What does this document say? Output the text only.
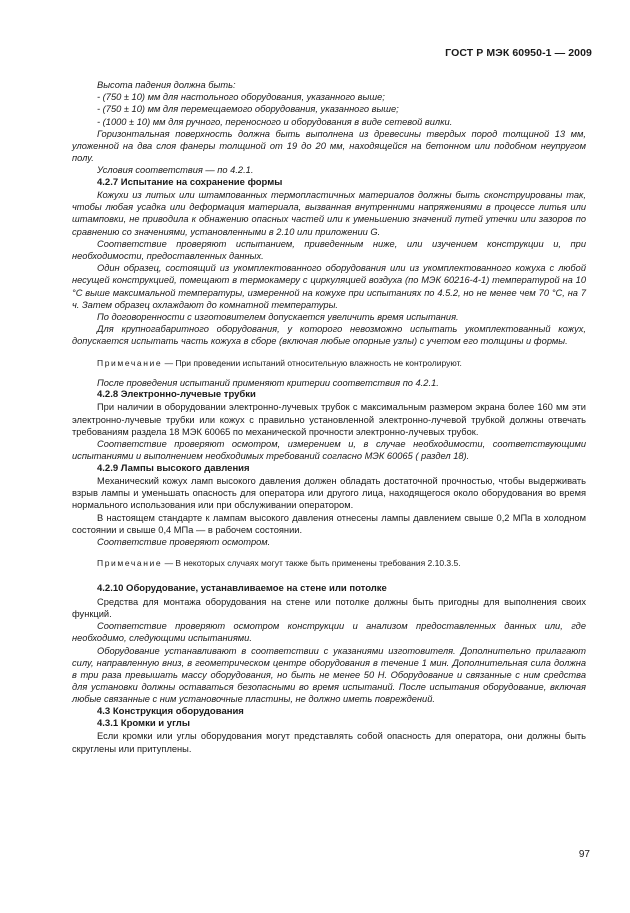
ГОСТ Р МЭК 60950-1 — 2009

Высота падения должна быть:

- (750 ± 10) мм для настольного оборудования, указанного выше;

- (750 ± 10) мм для перемещаемого оборудования, указанного выше;

- (1000 ± 10) мм для ручного, переносного и оборудования в виде сетевой вилки.

Горизонтальная поверхность должна быть выполнена из древесины твердых пород толщиной 13 мм, уложенной на два слоя фанеры толщиной от 19 до 20 мм, находящейся на бетонном или подобном неупругом полу.

Условия соответствия — по 4.2.1.

4.2.7 Испытание на сохранение формы

Кожухи из литых или штампованных термопластичных материалов должны быть сконструированы так, чтобы любая усадка или деформация материала, вызванная внутренними напряжениями в процессе литья или штамповки, не приводила к обнажению опасных частей или к уменьшению значений путей утечки или зазоров по сравнению со значениями, установленными в 2.10 или приложении G.

Соответствие проверяют испытанием, приведенным ниже, или изучением конструкции и, при необходимости, предоставленных данных.

Один образец, состоящий из укомплектованного оборудования или из укомплектованного кожуха с любой несущей конструкцией, помещают в термокамеру с циркуляцией воздуха (по МЭК 60216-4-1) температурой на 10 °С выше максимальной температуры, измеренной на кожухе при испытаниях по 4.5.2, но не менее чем 70 °С, на 7 ч. Затем образец охлаждают до комнатной температуры.

По договоренности с изготовителем допускается увеличить время испытания.

Для крупногабаритного оборудования, у которого невозможно испытать укомплектованный кожух, допускается испытать часть кожуха в сборе (включая любые опорные узлы) с учетом его толщины и формы.

Примечание — При проведении испытаний относительную влажность не контролируют.

После проведения испытаний применяют критерии соответствия по 4.2.1.

4.2.8 Электронно-лучевые трубки

При наличии в оборудовании электронно-лучевых трубок с максимальным размером экрана более 160 мм эти электронно-лучевые трубки или кожух с правильно установленной электронно-лучевой трубкой должны отвечать требованиям раздела 18 МЭК 60065 по механической прочности электронно-лучевых трубок.

Соответствие проверяют осмотром, измерением и, в случае необходимости, соответствующими испытаниями и выполнением необходимых требований согласно МЭК 60065 ( раздел 18).

4.2.9 Лампы высокого давления

Механический кожух ламп высокого давления должен обладать достаточной прочностью, чтобы выдерживать взрыв лампы и уменьшать опасность для оператора или другого лица, находящегося около оборудования во время нормального использования или при обслуживании оператором.

В настоящем стандарте к лампам высокого давления отнесены лампы давлением свыше 0,2 МПа в холодном состоянии и свыше 0,4 МПа — в рабочем состоянии.

Соответствие проверяют осмотром.

Примечание — В некоторых случаях могут также быть применены требования 2.10.3.5.

4.2.10 Оборудование, устанавливаемое на стене или потолке

Средства для монтажа оборудования на стене или потолке должны быть пригодны для выполнения своих функций.

Соответствие проверяют осмотром конструкции и анализом предоставленных данных или, где необходимо, следующими испытаниями.

Оборудование устанавливают в соответствии с указаниями изготовителя. Дополнительно прилагают силу, направленную вниз, в геометрическом центре оборудования в течение 1 мин. Дополнительная сила должна в три раза превышать массу оборудования, но быть не менее 50 Н. Оборудование и связанные с ним средства для установки должны оставаться безопасными во время испытаний. После испытания оборудование, включая любые связанные с ним установочные пластины, не должно иметь повреждений.

4.3 Конструкция оборудования
4.3.1 Кромки и углы

Если кромки или углы оборудования могут представлять собой опасность для оператора, они должны быть скруглены или притуплены.

97
